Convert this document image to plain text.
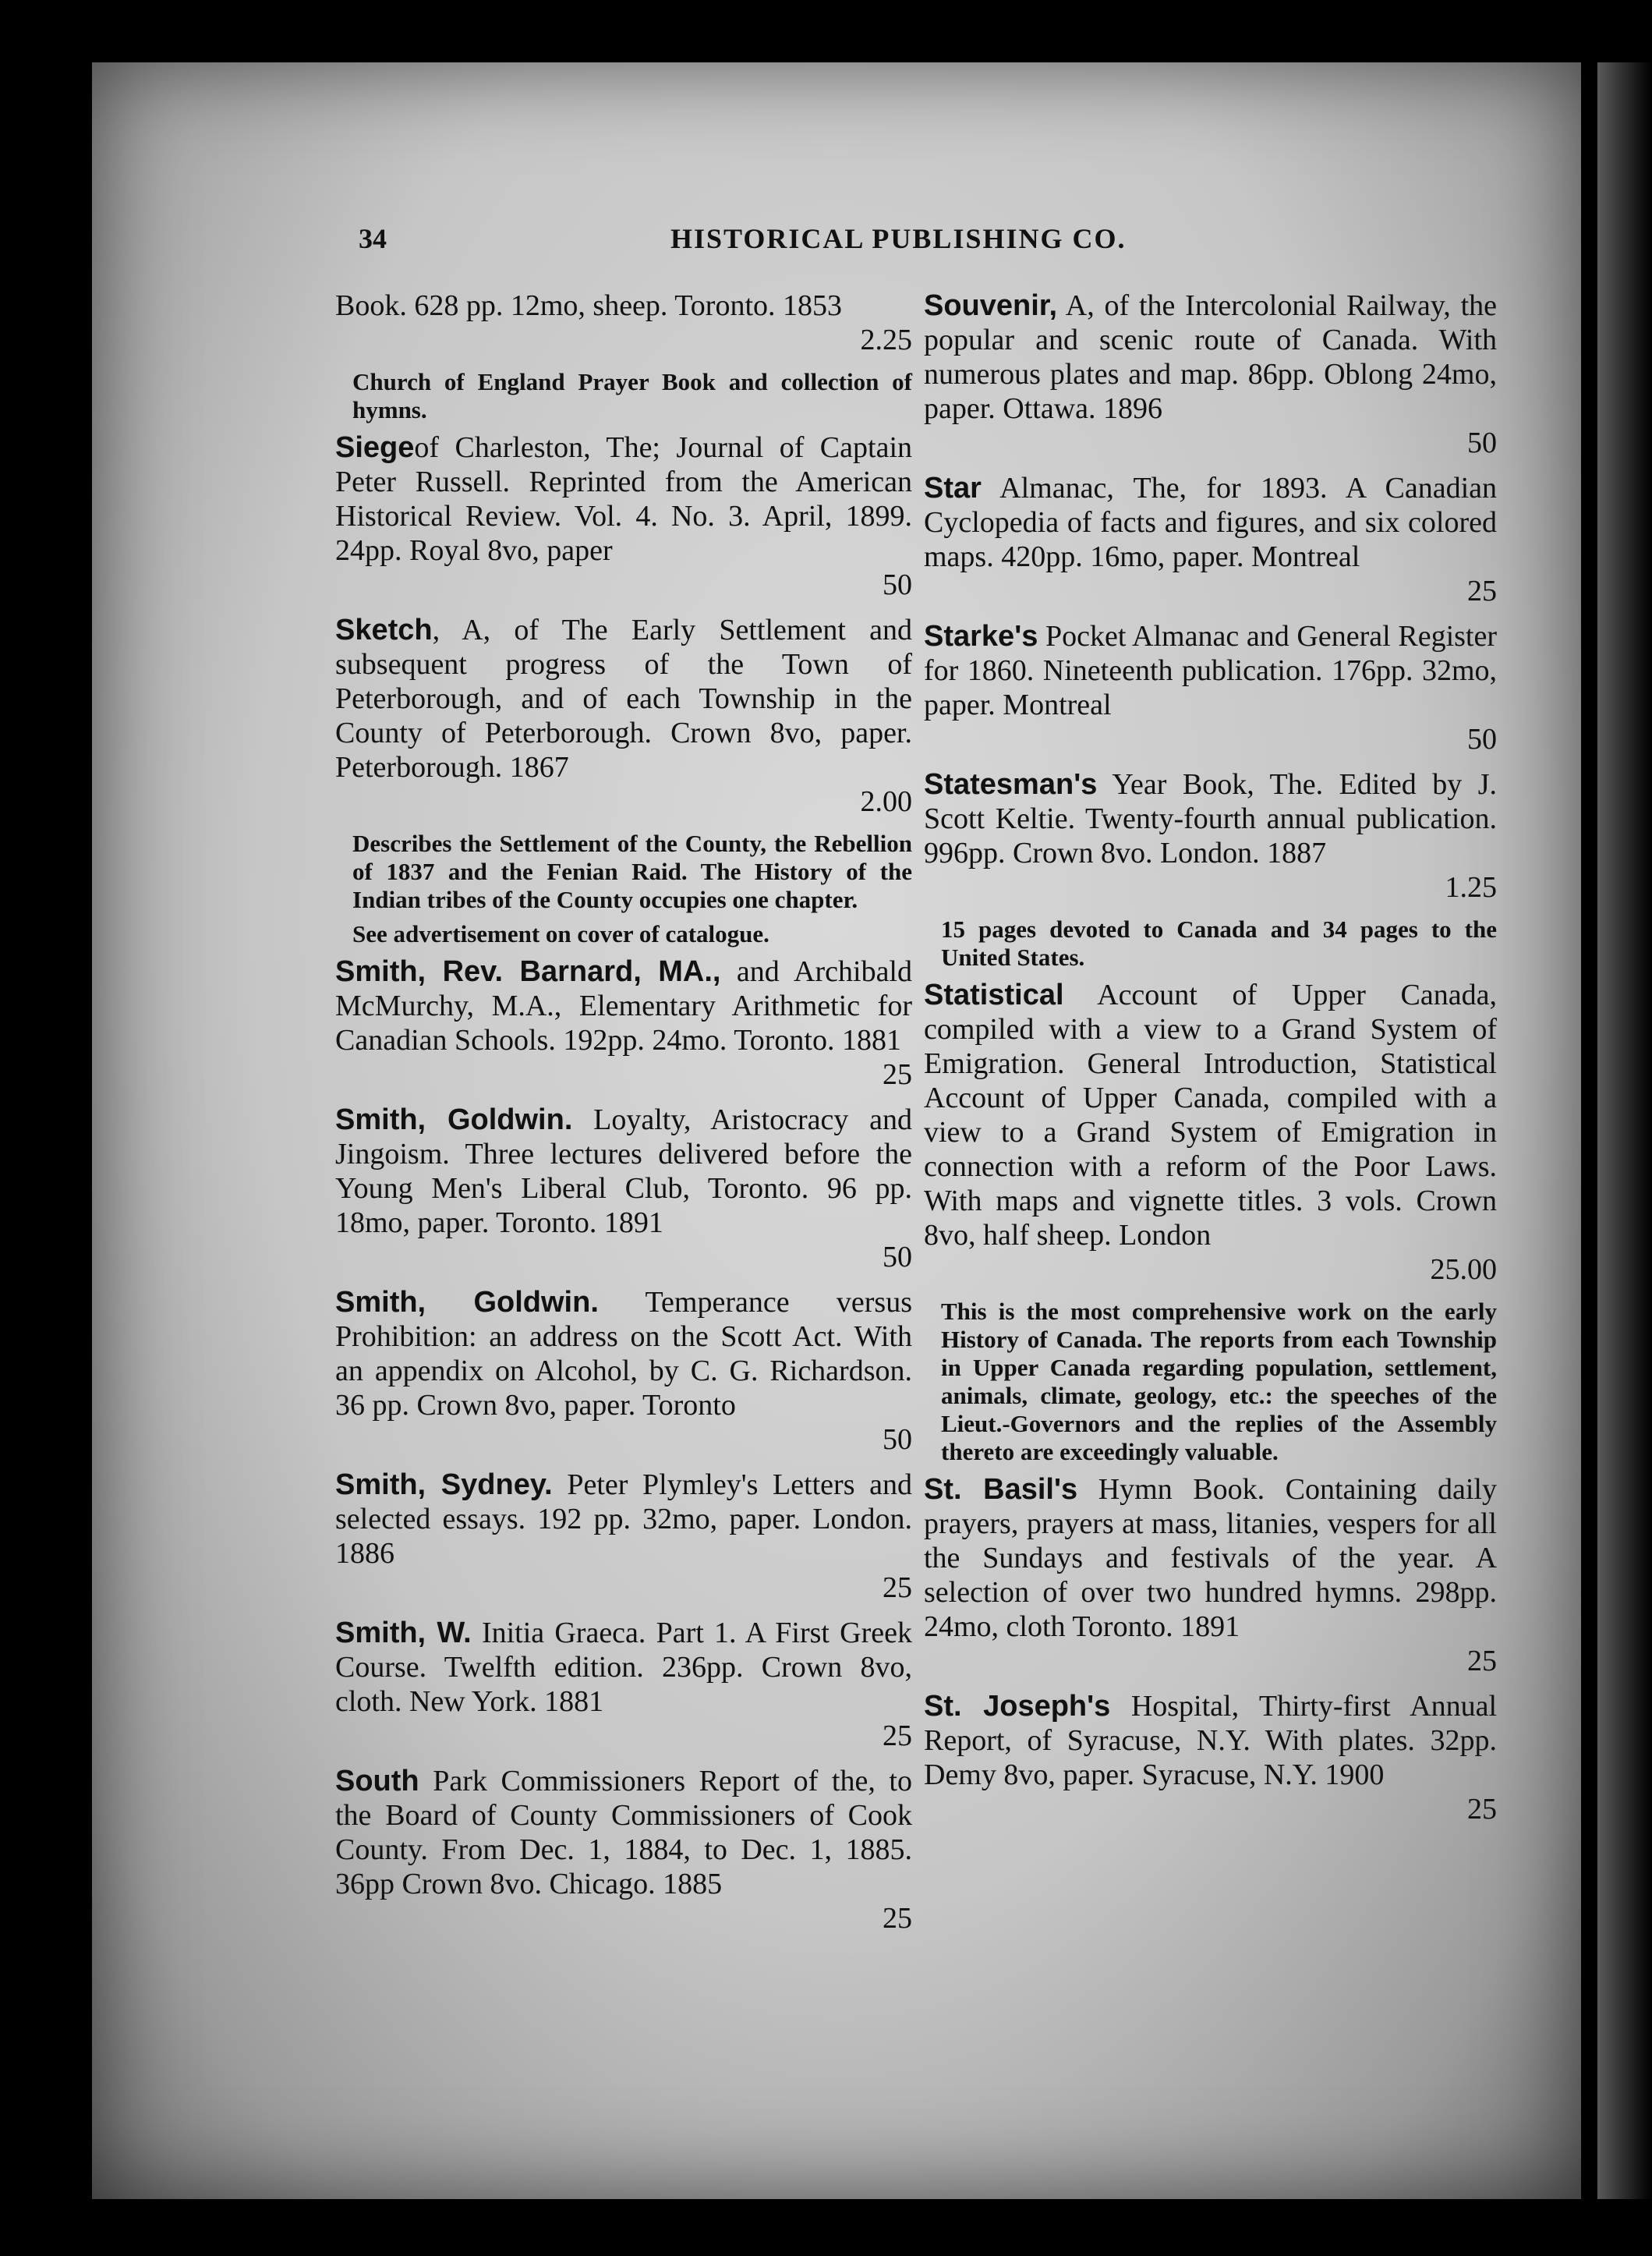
34	HISTORICAL PUBLISHING CO.
Book. 628 pp. 12mo, sheep. Toronto. 1853
2.25
Church of England Prayer Book and collection of hymns.
Siegeof Charleston, The; Journal of Captain Peter Russell. Reprinted from the American Historical Review. Vol. 4. No. 3. April, 1899. 24pp. Royal 8vo, paper
50
Sketch, A, of The Early Settlement and subsequent progress of the Town of Peterborough, and of each Township in the County of Peterborough. Crown 8vo, paper. Peterborough. 1867
2.00
Describes the Settlement of the County, the Rebellion of 1837 and the Fenian Raid. The History of the Indian tribes of the County occupies one chapter.
See advertisement on cover of catalogue.
Smith, Rev. Barnard, MA., and Archibald McMurchy, M.A., Elementary Arithmetic for Canadian Schools. 192pp. 24mo. Toronto. 1881
25
Smith, Goldwin. Loyalty, Aristocracy and Jingoism. Three lectures delivered before the Young Men's Liberal Club, Toronto. 96 pp. 18mo, paper. Toronto. 1891
50
Smith, Goldwin. Temperance versus Prohibition: an address on the Scott Act. With an appendix on Alcohol, by C. G. Richardson. 36 pp. Crown 8vo, paper. Toronto
50
Smith, Sydney. Peter Plymley's Letters and selected essays. 192 pp. 32mo, paper. London. 1886
25
Smith, W. Initia Graeca. Part 1. A First Greek Course. Twelfth edition. 236pp. Crown 8vo, cloth. New York. 1881
25
South Park Commissioners Report of the, to the Board of County Commissioners of Cook County. From Dec. 1, 1884, to Dec. 1, 1885. 36pp Crown 8vo. Chicago. 1885
25
Souvenir, A, of the Intercolonial Railway, the popular and scenic route of Canada. With numerous plates and map. 86pp. Oblong 24mo, paper. Ottawa. 1896
50
Star Almanac, The, for 1893. A Canadian Cyclopedia of facts and figures, and six colored maps. 420pp. 16mo, paper. Montreal
25
Starke's Pocket Almanac and General Register for 1860. Nineteenth publication. 176pp. 32mo, paper. Montreal
50
Statesman's Year Book, The. Edited by J. Scott Keltie. Twenty-fourth annual publication. 996pp. Crown 8vo. London. 1887
1.25
15 pages devoted to Canada and 34 pages to the United States.
Statistical Account of Upper Canada, compiled with a view to a Grand System of Emigration. General Introduction, Statistical Account of Upper Canada, compiled with a view to a Grand System of Emigration in connection with a reform of the Poor Laws. With maps and vignette titles. 3 vols. Crown 8vo, half sheep. London
25.00
This is the most comprehensive work on the early History of Canada. The reports from each Township in Upper Canada regarding population, settlement, animals, climate, geology, etc.: the speeches of the Lieut.-Governors and the replies of the Assembly thereto are exceedingly valuable.
St. Basil's Hymn Book. Containing daily prayers, prayers at mass, litanies, vespers for all the Sundays and festivals of the year. A selection of over two hundred hymns. 298pp. 24mo, cloth Toronto. 1891
25
St. Joseph's Hospital, Thirty-first Annual Report, of Syracuse, N.Y. With plates. 32pp. Demy 8vo, paper. Syracuse, N.Y. 1900
25
